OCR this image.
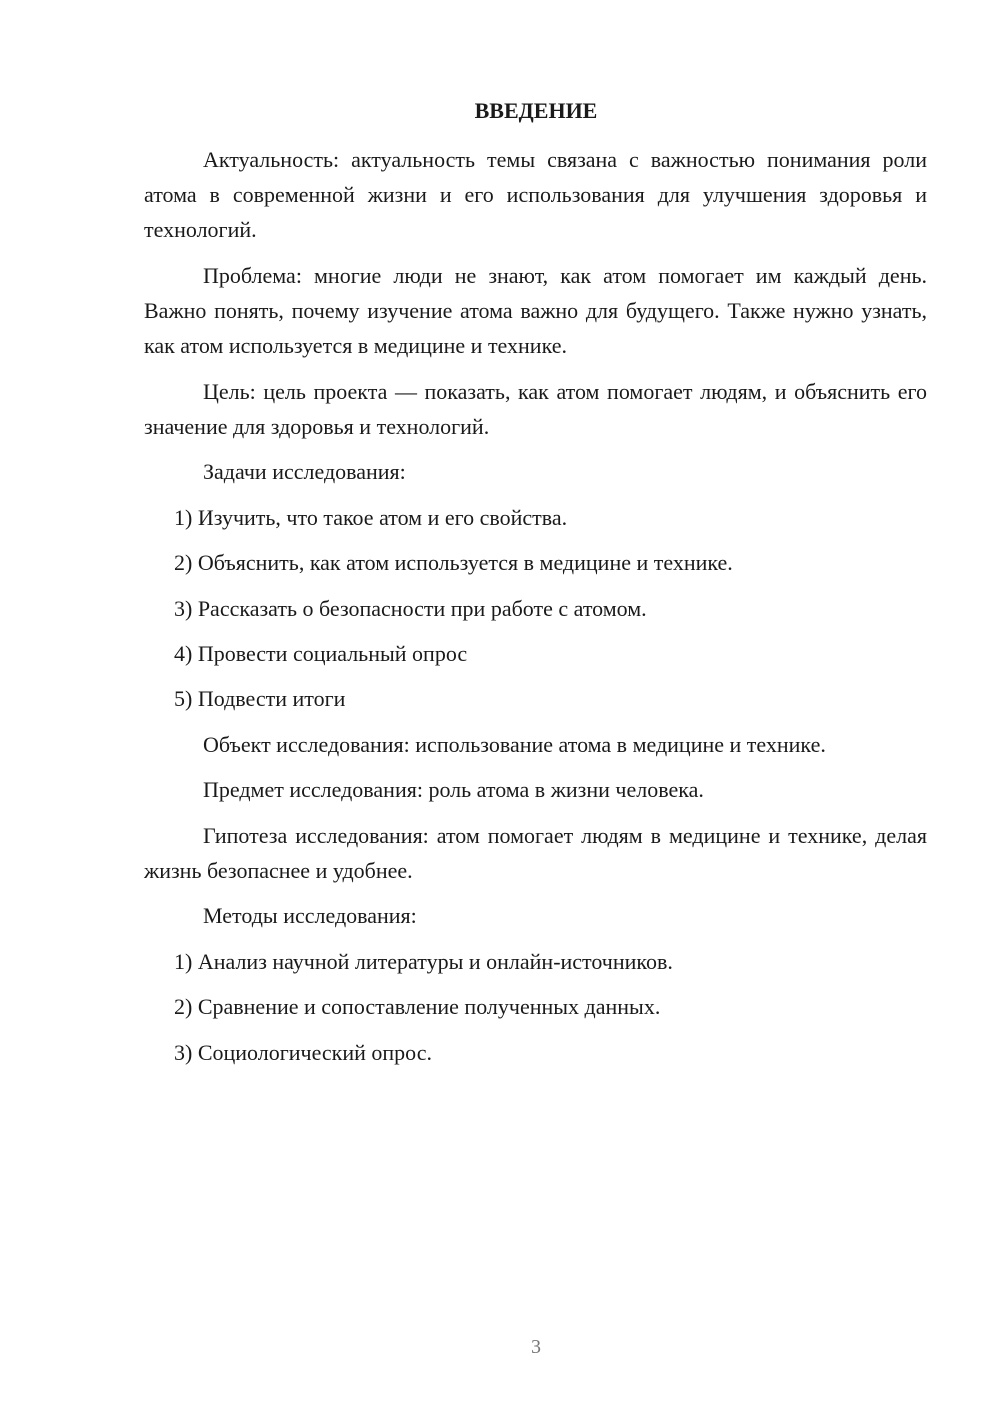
ВВЕДЕНИЕ

Актуальность: актуальность темы связана с важностью понимания роли атома в современной жизни и его использования для улучшения здоровья и технологий.

Проблема: многие люди не знают, как атом помогает им каждый день. Важно понять, почему изучение атома важно для будущего. Также нужно узнать, как атом используется в медицине и технике.

Цель: цель проекта — показать, как атом помогает людям, и объяснить его значение для здоровья и технологий.

Задачи исследования:

1) Изучить, что такое атом и его свойства.

2) Объяснить, как атом используется в медицине и технике.

3) Рассказать о безопасности при работе с атомом.

4) Провести социальный опрос

5) Подвести итоги

Объект исследования: использование атома в медицине и технике.

Предмет исследования: роль атома в жизни человека.

Гипотеза исследования: атом помогает людям в медицине и технике, делая жизнь безопаснее и удобнее.

Методы исследования:

1) Анализ научной литературы и онлайн-источников.

2) Сравнение и сопоставление полученных данных.

3) Социологический опрос.

3
